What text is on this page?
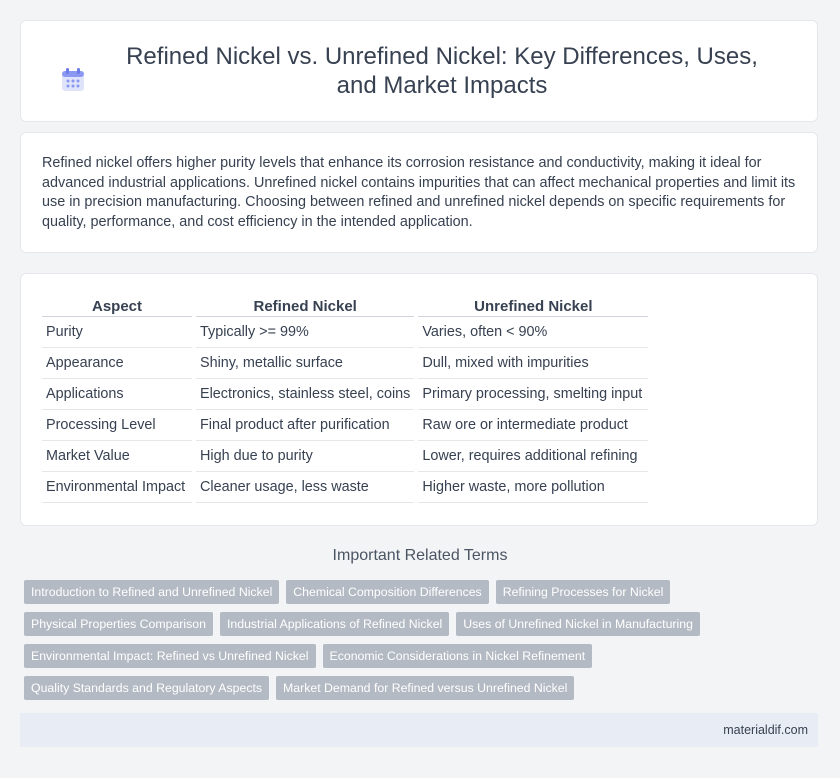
Refined Nickel vs. Unrefined Nickel: Key Differences, Uses, and Market Impacts

Refined nickel offers higher purity levels that enhance its corrosion resistance and conductivity, making it ideal for advanced industrial applications. Unrefined nickel contains impurities that can affect mechanical properties and limit its use in precision manufacturing. Choosing between refined and unrefined nickel depends on specific requirements for quality, performance, and cost efficiency in the intended application.

Aspect	Refined Nickel	Unrefined Nickel
Purity	Typically >= 99%	Varies, often < 90%
Appearance	Shiny, metallic surface	Dull, mixed with impurities
Applications	Electronics, stainless steel, coins	Primary processing, smelting input
Processing Level	Final product after purification	Raw ore or intermediate product
Market Value	High due to purity	Lower, requires additional refining
Environmental Impact	Cleaner usage, less waste	Higher waste, more pollution
Important Related Terms
Introduction to Refined and Unrefined Nickel	Chemical Composition Differences	Refining Processes for Nickel
Physical Properties Comparison	Industrial Applications of Refined Nickel	Uses of Unrefined Nickel in Manufacturing
Environmental Impact: Refined vs Unrefined Nickel	Economic Considerations in Nickel Refinement
Quality Standards and Regulatory Aspects	Market Demand for Refined versus Unrefined Nickel
materialdif.com
